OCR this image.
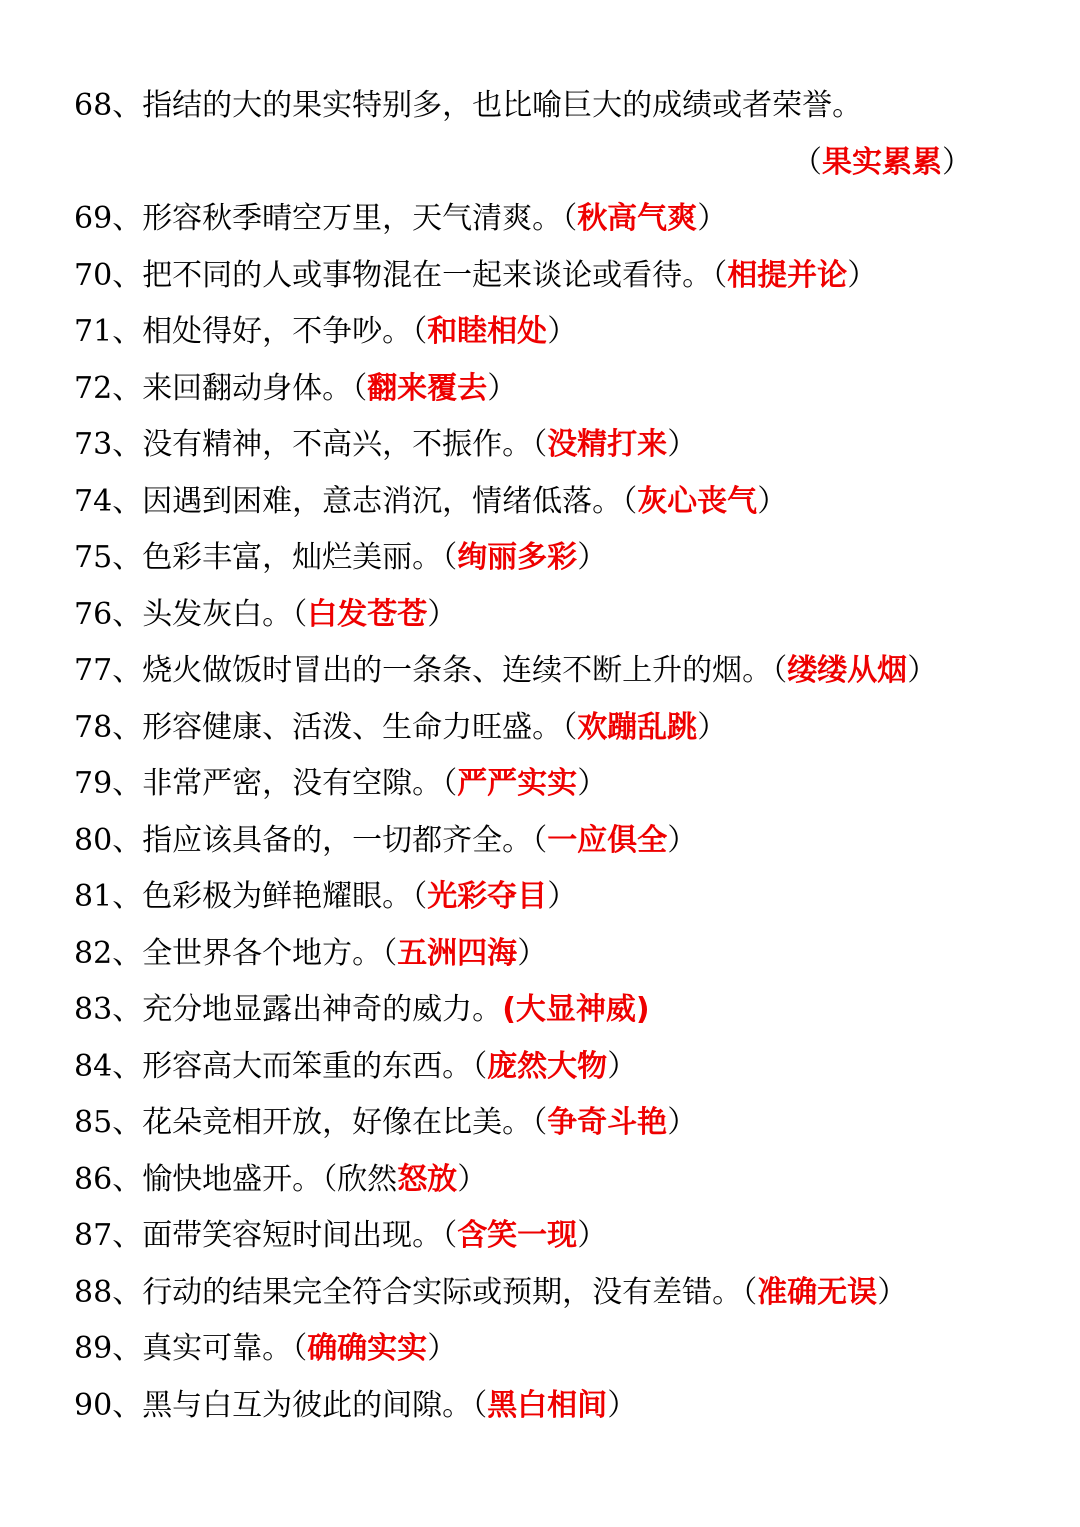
68、指结的大的果实特别多，也比喻巨大的成绩或者荣誉。
（果实累累）
69、形容秋季晴空万里，天气清爽。（秋高气爽）
70、把不同的人或事物混在一起来谈论或看待。（相提并论）
71、相处得好，不争吵。（和睦相处）
72、来回翻动身体。（翻来覆去）
73、没有精神，不高兴，不振作。（没精打来）
74、因遇到困难，意志消沉，情绪低落。（灰心丧气）
75、色彩丰富，灿烂美丽。（绚丽多彩）
76、头发灰白。（白发苍苍）
77、烧火做饭时冒出的一条条、连续不断上升的烟。（缕缕从烟）
78、形容健康、活泼、生命力旺盛。（欢蹦乱跳）
79、非常严密，没有空隙。（严严实实）
80、指应该具备的，一切都齐全。（一应俱全）
81、色彩极为鲜艳耀眼。（光彩夺目）
82、全世界各个地方。（五洲四海）
83、充分地显露出神奇的威力。(大显神威)
84、形容高大而笨重的东西。（庞然大物）
85、花朵竞相开放，好像在比美。（争奇斗艳）
86、愉快地盛开。（欣然怒放）
87、面带笑容短时间出现。（含笑一现）
88、行动的结果完全符合实际或预期，没有差错。（准确无误）
89、真实可靠。（确确实实）
90、黑与白互为彼此的间隙。（黑白相间）
